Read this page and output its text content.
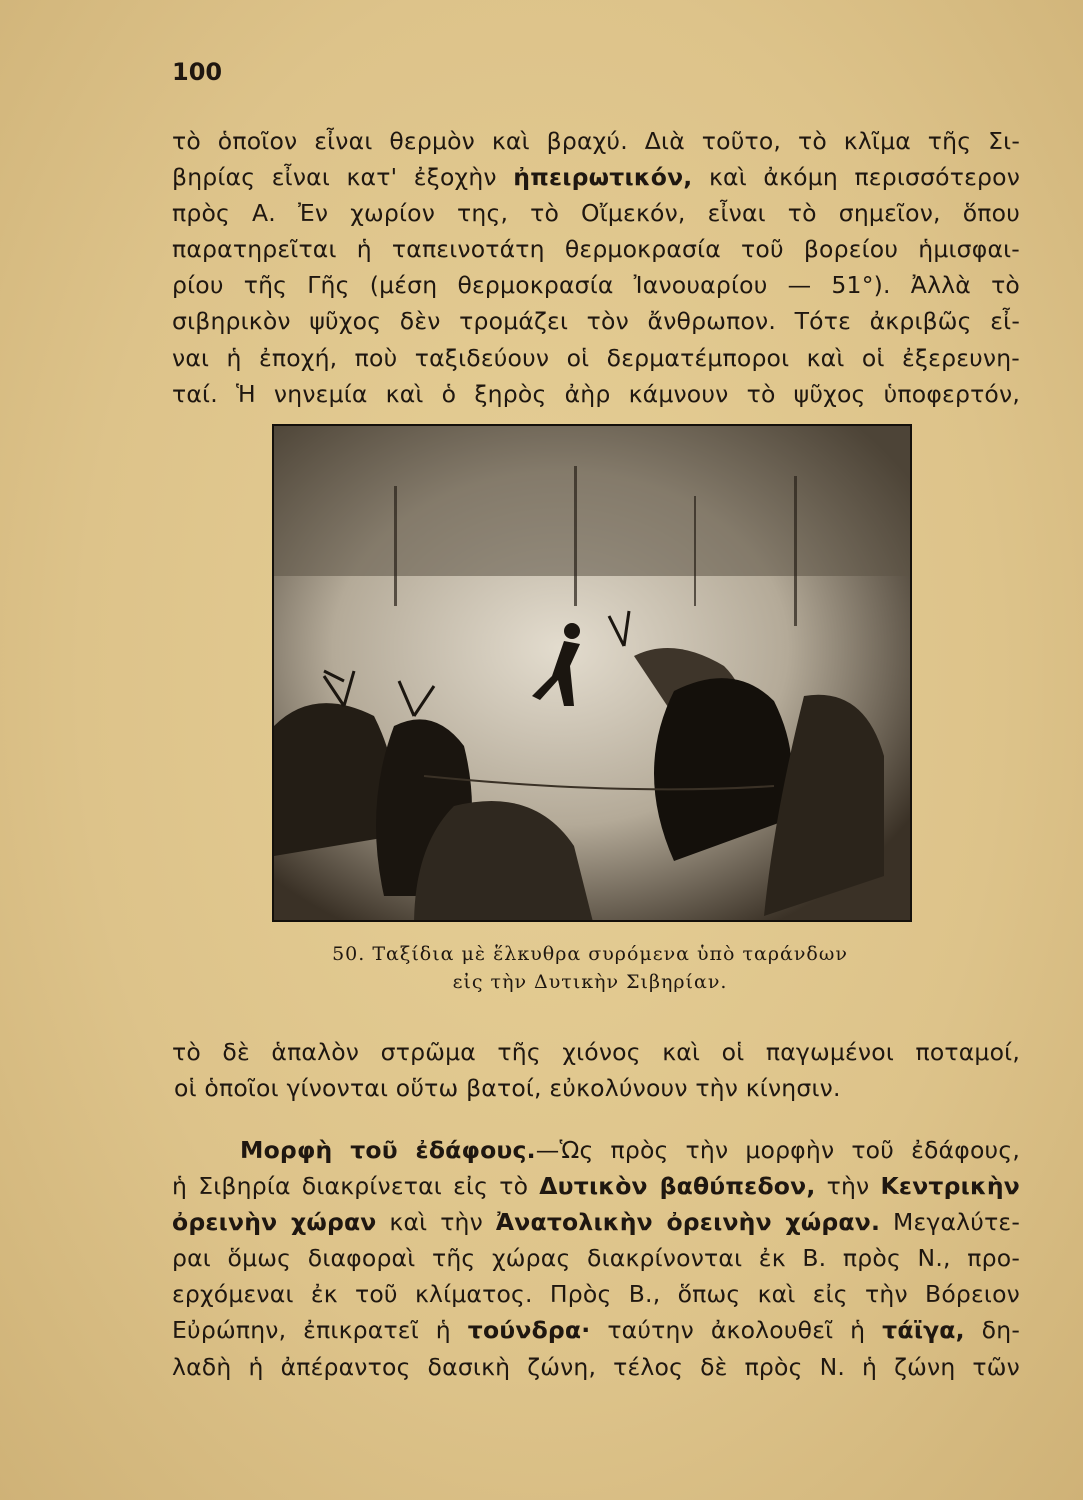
100
τὸ ὁποῖον εἶναι θερμὸν καὶ βραχύ. Διὰ τοῦτο, τὸ κλῖμα τῆς Σι-
βηρίας εἶναι κατ' ἐξοχὴν ἠπειρωτικόν, καὶ ἀκόμη περισσότερον
πρὸς Α. Ἐν χωρίον της, τὸ Οἴμεκόν, εἶναι τὸ σημεῖον, ὅπου
παρατηρεῖται ἡ ταπεινοτάτη θερμοκρασία τοῦ βορείου ἡμισφαι-
ρίου τῆς Γῆς (μέση θερμοκρασία Ἰανουαρίου — 51°). Ἀλλὰ τὸ
σιβηρικὸν ψῦχος δὲν τρομάζει τὸν ἄνθρωπον. Τότε ἀκριβῶς εἶ-
ναι ἡ ἐποχή, ποὺ ταξιδεύουν οἱ δερματέμποροι καὶ οἱ ἐξερευνη-
ταί. Ἡ νηνεμία καὶ ὁ ξηρὸς ἀὴρ κάμνουν τὸ ψῦχος ὑποφερτόν,
50. Ταξίδια μὲ ἕλκυθρα συρόμενα ὑπὸ ταράνδων
εἰς τὴν Δυτικὴν Σιβηρίαν.
τὸ δὲ ἁπαλὸν στρῶμα τῆς χιόνος καὶ οἱ παγωμένοι ποταμοί,
οἱ ὁποῖοι γίνονται οὕτω βατοί, εὐκολύνουν τὴν κίνησιν.
Μορφὴ τοῦ ἐδάφους.—Ὡς πρὸς τὴν μορφὴν τοῦ ἐδάφους,
ἡ Σιβηρία διακρίνεται εἰς τὸ Δυτικὸν βαθύπεδον, τὴν Κεντρικὴν
ὀρεινὴν χώραν καὶ τὴν Ἀνατολικὴν ὀρεινὴν χώραν. Μεγαλύτε-
ραι ὅμως διαφοραὶ τῆς χώρας διακρίνονται ἐκ Β. πρὸς Ν., προ-
ερχόμεναι ἐκ τοῦ κλίματος. Πρὸς Β., ὅπως καὶ εἰς τὴν Βόρειον
Εὐρώπην, ἐπικρατεῖ ἡ τούνδρα· ταύτην ἀκολουθεῖ ἡ τάϊγα, δη-
λαδὴ ἡ ἀπέραντος δασικὴ ζώνη, τέλος δὲ πρὸς Ν. ἡ ζώνη τῶν
